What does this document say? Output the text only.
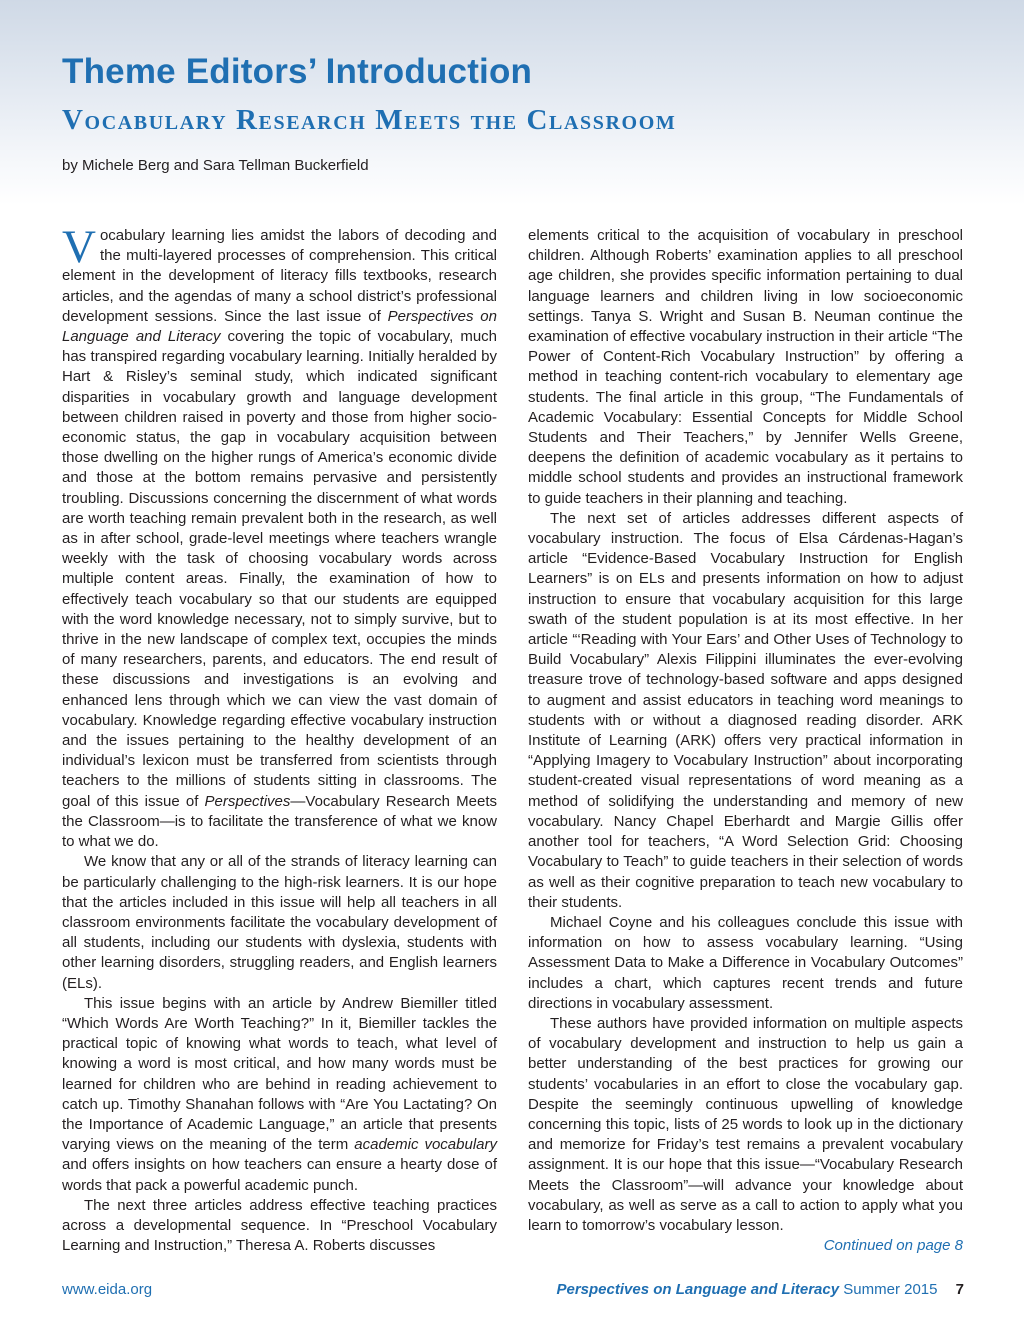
Theme Editors’ Introduction
Vocabulary Research Meets the Classroom
by Michele Berg and Sara Tellman Buckerfield

Vocabulary learning lies amidst the labors of decoding and the multi-layered processes of comprehension. This critical element in the development of literacy fills textbooks, research articles, and the agendas of many a school district’s professional development sessions. Since the last issue of Perspectives on Language and Literacy covering the topic of vocabulary, much has transpired regarding vocabulary learning. Initially heralded by Hart & Risley’s seminal study, which indicated significant disparities in vocabulary growth and language development between children raised in poverty and those from higher socio-economic status, the gap in vocabulary acquisition between those dwelling on the higher rungs of America’s economic divide and those at the bottom remains pervasive and persistently troubling. Discussions concerning the discernment of what words are worth teaching remain prevalent both in the research, as well as in after school, grade-level meetings where teachers wrangle weekly with the task of choosing vocabulary words across multiple content areas. Finally, the examination of how to effectively teach vocabulary so that our students are equipped with the word knowledge necessary, not to simply survive, but to thrive in the new landscape of complex text, occupies the minds of many researchers, parents, and educators. The end result of these discussions and investigations is an evolving and enhanced lens through which we can view the vast domain of vocabulary. Knowledge regarding effective vocabulary instruction and the issues pertaining to the healthy development of an individual’s lexicon must be transferred from scientists through teachers to the millions of students sitting in classrooms. The goal of this issue of Perspectives—Vocabulary Research Meets the Classroom—is to facilitate the transference of what we know to what we do.

We know that any or all of the strands of literacy learning can be particularly challenging to the high-risk learners. It is our hope that the articles included in this issue will help all teachers in all classroom environments facilitate the vocabulary development of all students, including our students with dyslexia, students with other learning disorders, struggling readers, and English learners (ELs).

This issue begins with an article by Andrew Biemiller titled “Which Words Are Worth Teaching?” In it, Biemiller tackles the practical topic of knowing what words to teach, what level of knowing a word is most critical, and how many words must be learned for children who are behind in reading achievement to catch up. Timothy Shanahan follows with “Are You Lactating? On the Importance of Academic Language,” an article that presents varying views on the meaning of the term academic vocabulary and offers insights on how teachers can ensure a hearty dose of words that pack a powerful academic punch.

The next three articles address effective teaching practices across a developmental sequence. In “Preschool Vocabulary Learning and Instruction,” Theresa A. Roberts discusses

elements critical to the acquisition of vocabulary in preschool children. Although Roberts’ examination applies to all preschool age children, she provides specific information pertaining to dual language learners and children living in low socioeconomic settings. Tanya S. Wright and Susan B. Neuman continue the examination of effective vocabulary instruction in their article “The Power of Content-Rich Vocabulary Instruction” by offering a method in teaching content-rich vocabulary to elementary age students. The final article in this group, “The Fundamentals of Academic Vocabulary: Essential Concepts for Middle School Students and Their Teachers,” by Jennifer Wells Greene, deepens the definition of academic vocabulary as it pertains to middle school students and provides an instructional framework to guide teachers in their planning and teaching.

The next set of articles addresses different aspects of vocabulary instruction. The focus of Elsa Cárdenas-Hagan’s article “Evidence-Based Vocabulary Instruction for English Learners” is on ELs and presents information on how to adjust instruction to ensure that vocabulary acquisition for this large swath of the student population is at its most effective. In her article “‘Reading with Your Ears’ and Other Uses of Technology to Build Vocabulary” Alexis Filippini illuminates the ever-evolving treasure trove of technology-based software and apps designed to augment and assist educators in teaching word meanings to students with or without a diagnosed reading disorder. ARK Institute of Learning (ARK) offers very practical information in “Applying Imagery to Vocabulary Instruction” about incorporating student-created visual representations of word meaning as a method of solidifying the understanding and memory of new vocabulary. Nancy Chapel Eberhardt and Margie Gillis offer another tool for teachers, “A Word Selection Grid: Choosing Vocabulary to Teach” to guide teachers in their selection of words as well as their cognitive preparation to teach new vocabulary to their students.

Michael Coyne and his colleagues conclude this issue with information on how to assess vocabulary learning. “Using Assessment Data to Make a Difference in Vocabulary Outcomes” includes a chart, which captures recent trends and future directions in vocabulary assessment.

These authors have provided information on multiple aspects of vocabulary development and instruction to help us gain a better understanding of the best practices for growing our students’ vocabularies in an effort to close the vocabulary gap. Despite the seemingly continuous upwelling of knowledge concerning this topic, lists of 25 words to look up in the dictionary and memorize for Friday’s test remains a prevalent vocabulary assignment. It is our hope that this issue—“Vocabulary Research Meets the Classroom”—will advance your knowledge about vocabulary, as well as serve as a call to action to apply what you learn to tomorrow’s vocabulary lesson.

Continued on page 8
www.eida.org	Perspectives on Language and Literacy Summer 2015 7
